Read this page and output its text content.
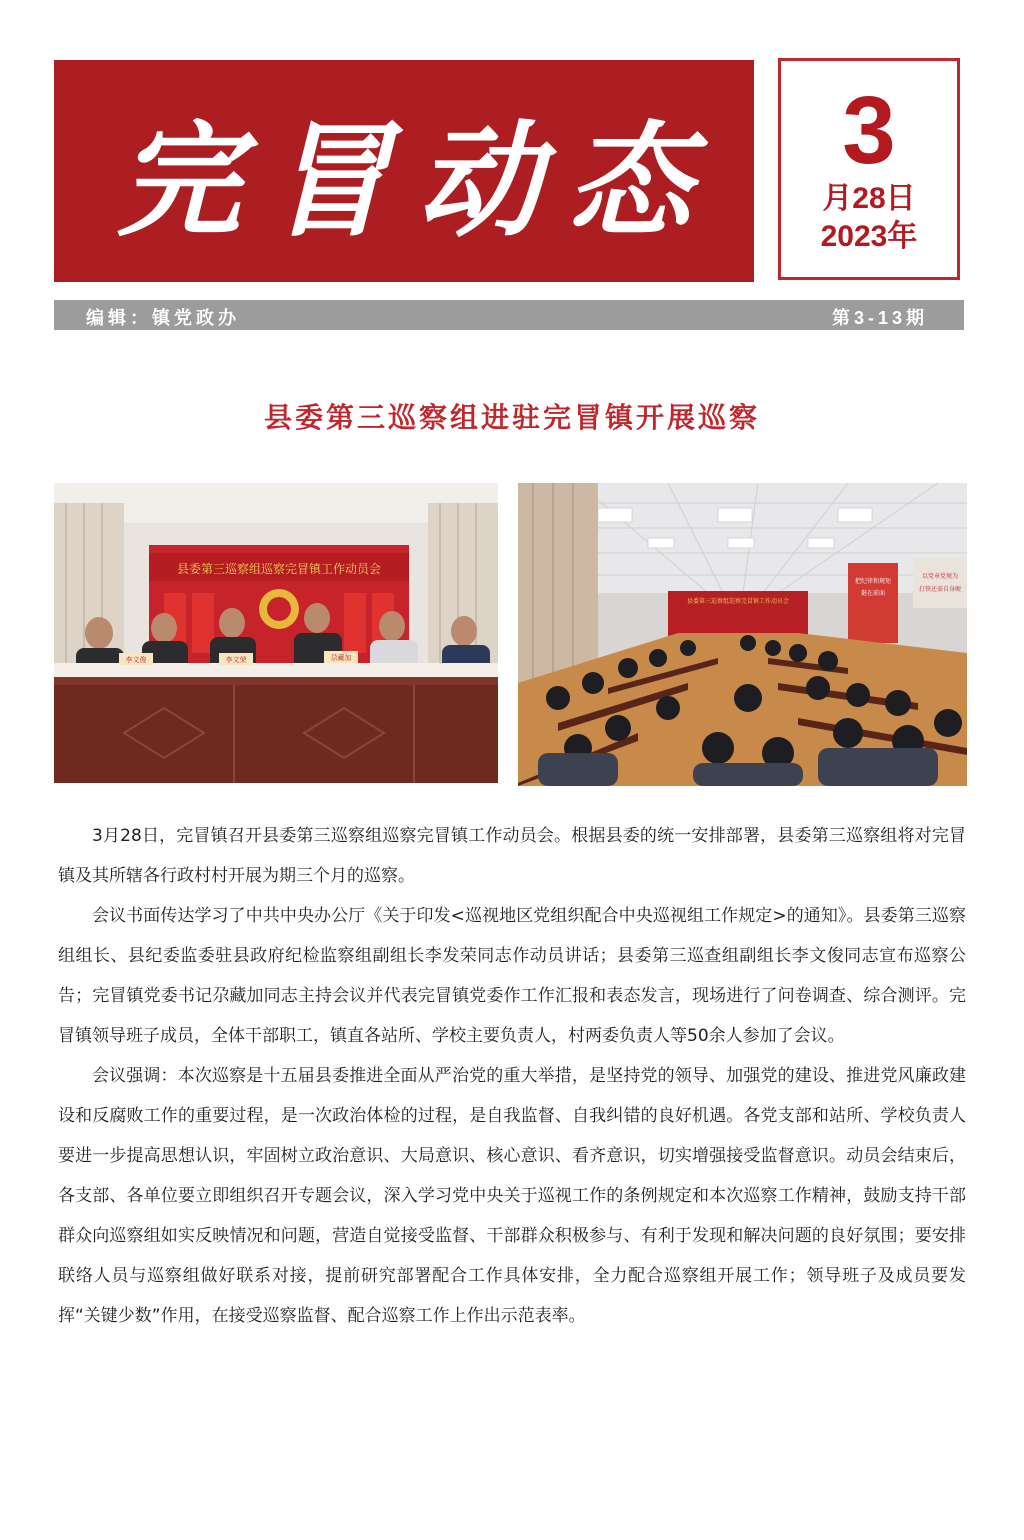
完冒动态	3
月28日
2023年
编辑：镇党政办	第3-13期
县委第三巡察组进驻完冒镇开展巡察
县委第三巡察组巡察完冒镇工作动员会
李文俊	李文荣	尕藏加
县委第三巡察组巡察完冒镇工作动员会
把纪律和规矩
挺在前面
以党章党规为
打铁还需自身硬

3月28日，完冒镇召开县委第三巡察组巡察完冒镇工作动员会。根据县委的统一安排部署，县委第三巡察组将对完冒镇及其所辖各行政村村开展为期三个月的巡察。

会议书面传达学习了中共中央办公厅《关于印发<巡视地区党组织配合中央巡视组工作规定>的通知》。县委第三巡察组组长、县纪委监委驻县政府纪检监察组副组长李发荣同志作动员讲话；县委第三巡查组副组长李文俊同志宣布巡察公告；完冒镇党委书记尕藏加同志主持会议并代表完冒镇党委作工作汇报和表态发言，现场进行了问卷调查、综合测评。完冒镇领导班子成员，全体干部职工，镇直各站所、学校主要负责人，村两委负责人等50余人参加了会议。

会议强调：本次巡察是十五届县委推进全面从严治党的重大举措，是坚持党的领导、加强党的建设、推进党风廉政建设和反腐败工作的重要过程，是一次政治体检的过程，是自我监督、自我纠错的良好机遇。各党支部和站所、学校负责人要进一步提高思想认识，牢固树立政治意识、大局意识、核心意识、看齐意识，切实增强接受监督意识。动员会结束后，各支部、各单位要立即组织召开专题会议，深入学习党中央关于巡视工作的条例规定和本次巡察工作精神，鼓励支持干部群众向巡察组如实反映情况和问题，营造自觉接受监督、干部群众积极参与、有利于发现和解决问题的良好氛围；要安排联络人员与巡察组做好联系对接，提前研究部署配合工作具体安排，全力配合巡察组开展工作；领导班子及成员要发挥“关键少数”作用，在接受巡察监督、配合巡察工作上作出示范表率。
